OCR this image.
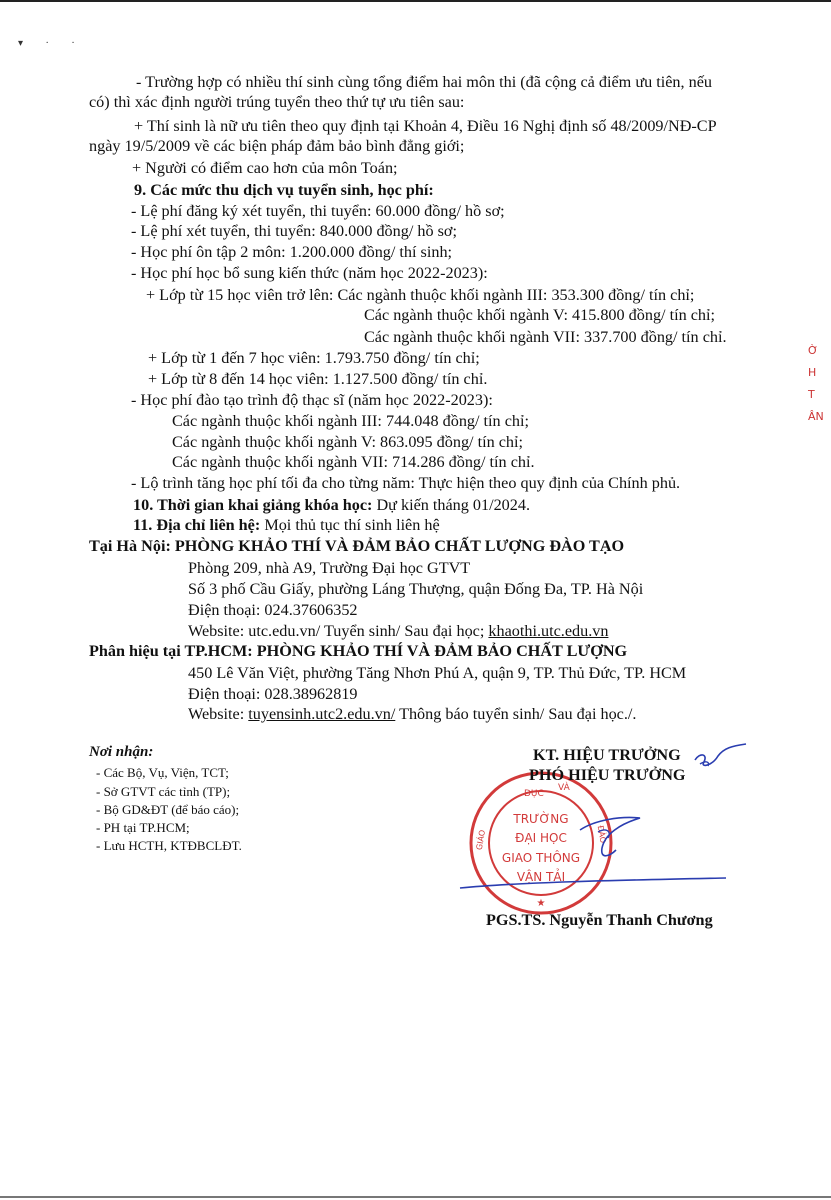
▾ · ·
- Trường hợp có nhiều thí sinh cùng tổng điểm hai môn thi (đã cộng cả điểm ưu tiên, nếu
có) thì xác định người trúng tuyển theo thứ tự ưu tiên sau:
+ Thí sinh là nữ ưu tiên theo quy định tại Khoản 4, Điều 16 Nghị định số 48/2009/NĐ-CP
ngày 19/5/2009 về các biện pháp đảm bảo bình đẳng giới;
+ Người có điểm cao hơn của môn Toán;
9. Các mức thu dịch vụ tuyển sinh, học phí:
- Lệ phí đăng ký xét tuyển, thi tuyển: 60.000 đồng/ hồ sơ;
- Lệ phí xét tuyển, thi tuyển: 840.000 đồng/ hồ sơ;
- Học phí ôn tập 2 môn: 1.200.000 đồng/ thí sinh;
- Học phí học bổ sung kiến thức (năm học 2022-2023):
+ Lớp từ 15 học viên trở lên: Các ngành thuộc khối ngành III: 353.300 đồng/ tín chỉ;
Các ngành thuộc khối ngành V: 415.800 đồng/ tín chỉ;
Các ngành thuộc khối ngành VII: 337.700 đồng/ tín chỉ.
+ Lớp từ 1 đến 7 học viên: 1.793.750 đồng/ tín chỉ;
+ Lớp từ 8 đến 14 học viên: 1.127.500 đồng/ tín chỉ.
- Học phí đào tạo trình độ thạc sĩ (năm học 2022-2023):
Các ngành thuộc khối ngành III: 744.048 đồng/ tín chỉ;
Các ngành thuộc khối ngành V: 863.095 đồng/ tín chỉ;
Các ngành thuộc khối ngành VII: 714.286 đồng/ tín chỉ.
- Lộ trình tăng học phí tối đa cho từng năm: Thực hiện theo quy định của Chính phủ.
10. Thời gian khai giảng khóa học: Dự kiến tháng 01/2024.
11. Địa chỉ liên hệ: Mọi thủ tục thí sinh liên hệ
Tại Hà Nội: PHÒNG KHẢO THÍ VÀ ĐẢM BẢO CHẤT LƯỢNG ĐÀO TẠO
Phòng 209, nhà A9, Trường Đại học GTVT
Số 3 phố Cầu Giấy, phường Láng Thượng, quận Đống Đa, TP. Hà Nội
Điện thoại: 024.37606352
Website: utc.edu.vn/ Tuyển sinh/ Sau đại học; khaothi.utc.edu.vn
Phân hiệu tại TP.HCM: PHÒNG KHẢO THÍ VÀ ĐẢM BẢO CHẤT LƯỢNG
450 Lê Văn Việt, phường Tăng Nhơn Phú A, quận 9, TP. Thủ Đức, TP. HCM
Điện thoại: 028.38962819
Website: tuyensinh.utc2.edu.vn/ Thông báo tuyển sinh/ Sau đại học./.
Nơi nhận:
- Các Bộ, Vụ, Viện, TCT;
- Sở GTVT các tỉnh (TP);
- Bộ GD&ĐT (để báo cáo);
- PH tại TP.HCM;
- Lưu HCTH, KTĐBCLĐT.
DỤC
VÀ
GIÁO	ĐÀO
TRƯỜNG
ĐẠI HỌC
GIAO THÔNG
VẬN TẢI
★
KT. HIỆU TRƯỞNG
PHÓ HIỆU TRƯỞNG
PGS.TS. Nguyễn Thanh Chương
Ờ
H
T
ÂN
